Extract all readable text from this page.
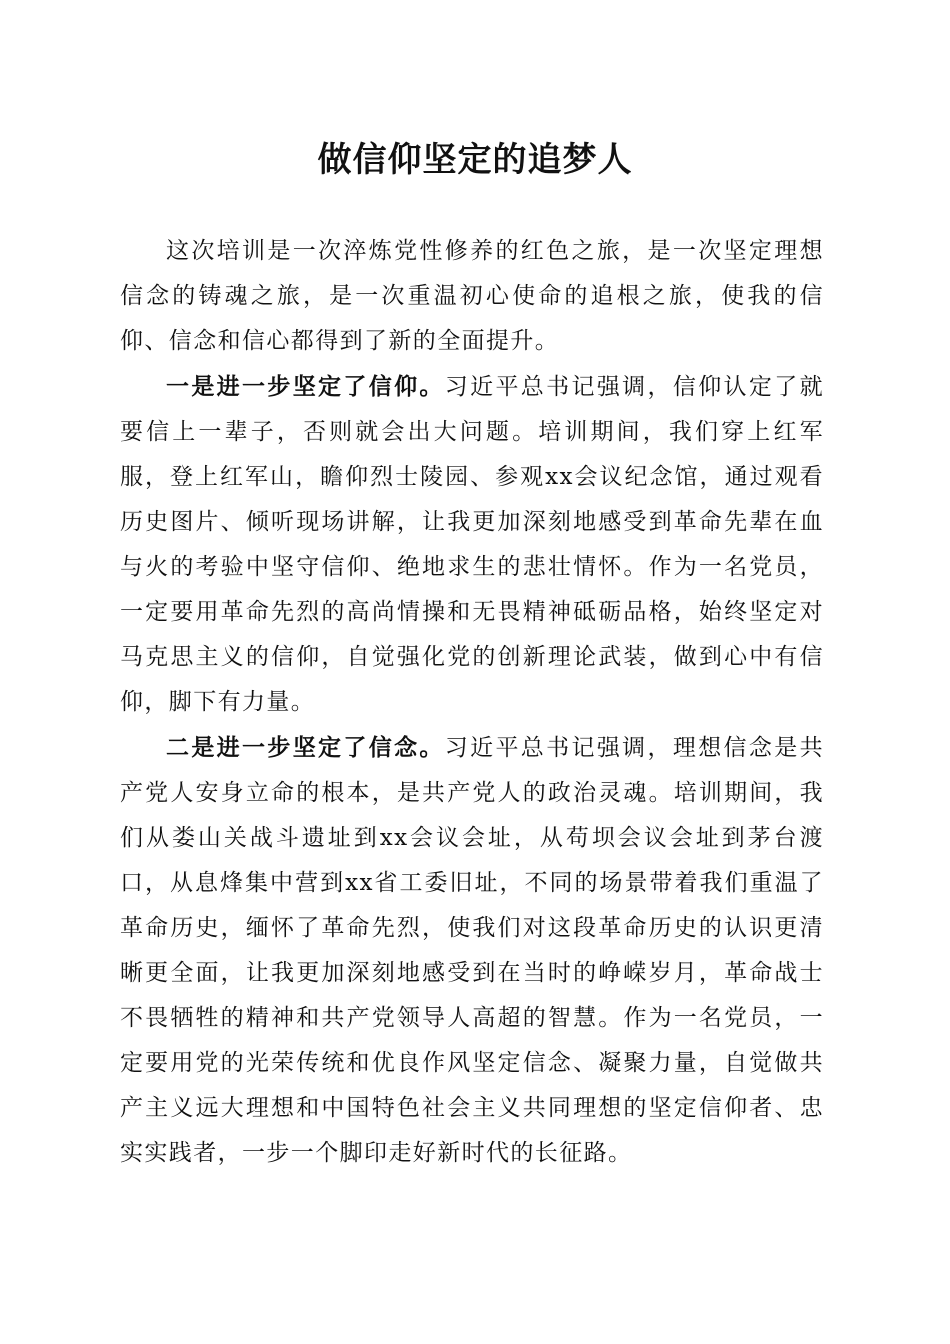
做信仰坚定的追梦人

这次培训是一次淬炼党性修养的红色之旅，是一次坚定理想信念的铸魂之旅，是一次重温初心使命的追根之旅，使我的信仰、信念和信心都得到了新的全面提升。

一是进一步坚定了信仰。习近平总书记强调，信仰认定了就要信上一辈子，否则就会出大问题。培训期间，我们穿上红军服，登上红军山，瞻仰烈士陵园、参观xx会议纪念馆，通过观看历史图片、倾听现场讲解，让我更加深刻地感受到革命先辈在血与火的考验中坚守信仰、绝地求生的悲壮情怀。作为一名党员，一定要用革命先烈的高尚情操和无畏精神砥砺品格，始终坚定对马克思主义的信仰，自觉强化党的创新理论武装，做到心中有信仰，脚下有力量。

二是进一步坚定了信念。习近平总书记强调，理想信念是共产党人安身立命的根本，是共产党人的政治灵魂。培训期间，我们从娄山关战斗遗址到xx会议会址，从苟坝会议会址到茅台渡口，从息烽集中营到xx省工委旧址，不同的场景带着我们重温了革命历史，缅怀了革命先烈，使我们对这段革命历史的认识更清晰更全面，让我更加深刻地感受到在当时的峥嵘岁月，革命战士不畏牺牲的精神和共产党领导人高超的智慧。作为一名党员，一定要用党的光荣传统和优良作风坚定信念、凝聚力量，自觉做共产主义远大理想和中国特色社会主义共同理想的坚定信仰者、忠实实践者，一步一个脚印走好新时代的长征路。
